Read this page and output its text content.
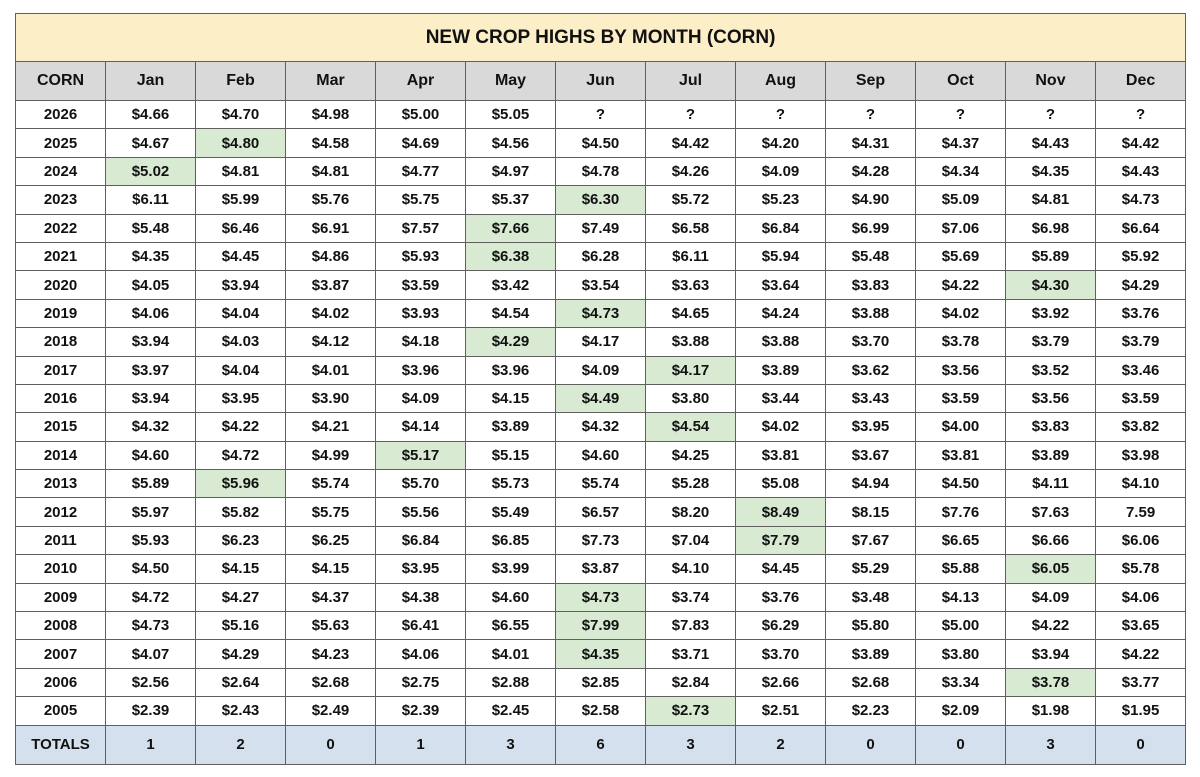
NEW CROP HIGHS BY MONTH (CORN)												
CORN	Jan	Feb	Mar	Apr	May	Jun	Jul	Aug	Sep	Oct	Nov	Dec
2026	$4.66	$4.70	$4.98	$5.00	$5.05	?	?	?	?	?	?	?
2025	$4.67	$4.80	$4.58	$4.69	$4.56	$4.50	$4.42	$4.20	$4.31	$4.37	$4.43	$4.42
2024	$5.02	$4.81	$4.81	$4.77	$4.97	$4.78	$4.26	$4.09	$4.28	$4.34	$4.35	$4.43
2023	$6.11	$5.99	$5.76	$5.75	$5.37	$6.30	$5.72	$5.23	$4.90	$5.09	$4.81	$4.73
2022	$5.48	$6.46	$6.91	$7.57	$7.66	$7.49	$6.58	$6.84	$6.99	$7.06	$6.98	$6.64
2021	$4.35	$4.45	$4.86	$5.93	$6.38	$6.28	$6.11	$5.94	$5.48	$5.69	$5.89	$5.92
2020	$4.05	$3.94	$3.87	$3.59	$3.42	$3.54	$3.63	$3.64	$3.83	$4.22	$4.30	$4.29
2019	$4.06	$4.04	$4.02	$3.93	$4.54	$4.73	$4.65	$4.24	$3.88	$4.02	$3.92	$3.76
2018	$3.94	$4.03	$4.12	$4.18	$4.29	$4.17	$3.88	$3.88	$3.70	$3.78	$3.79	$3.79
2017	$3.97	$4.04	$4.01	$3.96	$3.96	$4.09	$4.17	$3.89	$3.62	$3.56	$3.52	$3.46
2016	$3.94	$3.95	$3.90	$4.09	$4.15	$4.49	$3.80	$3.44	$3.43	$3.59	$3.56	$3.59
2015	$4.32	$4.22	$4.21	$4.14	$3.89	$4.32	$4.54	$4.02	$3.95	$4.00	$3.83	$3.82
2014	$4.60	$4.72	$4.99	$5.17	$5.15	$4.60	$4.25	$3.81	$3.67	$3.81	$3.89	$3.98
2013	$5.89	$5.96	$5.74	$5.70	$5.73	$5.74	$5.28	$5.08	$4.94	$4.50	$4.11	$4.10
2012	$5.97	$5.82	$5.75	$5.56	$5.49	$6.57	$8.20	$8.49	$8.15	$7.76	$7.63	7.59
2011	$5.93	$6.23	$6.25	$6.84	$6.85	$7.73	$7.04	$7.79	$7.67	$6.65	$6.66	$6.06
2010	$4.50	$4.15	$4.15	$3.95	$3.99	$3.87	$4.10	$4.45	$5.29	$5.88	$6.05	$5.78
2009	$4.72	$4.27	$4.37	$4.38	$4.60	$4.73	$3.74	$3.76	$3.48	$4.13	$4.09	$4.06
2008	$4.73	$5.16	$5.63	$6.41	$6.55	$7.99	$7.83	$6.29	$5.80	$5.00	$4.22	$3.65
2007	$4.07	$4.29	$4.23	$4.06	$4.01	$4.35	$3.71	$3.70	$3.89	$3.80	$3.94	$4.22
2006	$2.56	$2.64	$2.68	$2.75	$2.88	$2.85	$2.84	$2.66	$2.68	$3.34	$3.78	$3.77
2005	$2.39	$2.43	$2.49	$2.39	$2.45	$2.58	$2.73	$2.51	$2.23	$2.09	$1.98	$1.95
TOTALS	1	2	0	1	3	6	3	2	0	0	3	0
